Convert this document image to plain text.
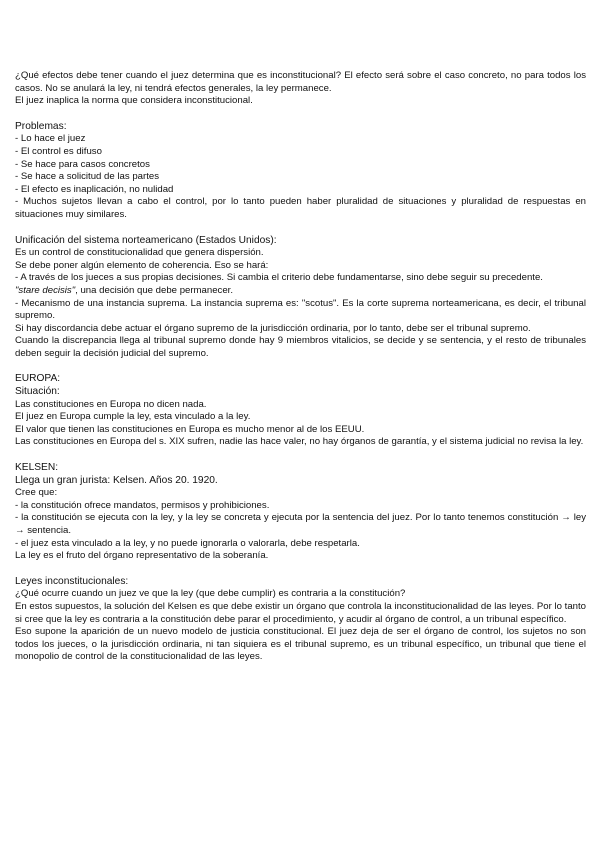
¿Qué efectos debe tener cuando el juez determina que es inconstitucional? El efecto será sobre el caso concreto, no para todos los casos. No se anulará la ley, ni tendrá efectos generales, la ley permanece.

El juez inaplica la norma que considera inconstitucional.

Problemas:

- Lo hace el juez

- El control es difuso

- Se hace para casos concretos

- Se hace a solicitud de las partes

- El efecto es inaplicación, no nulidad

- Muchos sujetos llevan a cabo el control, por lo tanto pueden haber pluralidad de situaciones y pluralidad de respuestas en situaciones muy similares.

Unificación del sistema norteamericano (Estados Unidos):

Es un control de constitucionalidad que genera dispersión.

Se debe poner algún elemento de coherencia. Eso se hará:

- A través de los jueces a sus propias decisiones. Si cambia el criterio debe fundamentarse, sino debe seguir su precedente.

"stare decisis", una decisión que debe permanecer.

- Mecanismo de una instancia suprema. La instancia suprema es: "scotus". Es la corte suprema norteamericana, es decir, el tribunal supremo.

Si hay discordancia debe actuar el órgano supremo de la jurisdicción ordinaria, por lo tanto, debe ser el tribunal supremo.

Cuando la discrepancia llega al tribunal supremo donde hay 9 miembros vitalicios, se decide y se sentencia, y el resto de tribunales deben seguir la decisión judicial del supremo.

EUROPA:

Situación:

Las constituciones en Europa no dicen nada.

El juez en Europa cumple la ley, esta vinculado a la ley.

El valor que tienen las constituciones en Europa es mucho menor al de los EEUU.

Las constituciones en Europa del s. XIX sufren, nadie las hace valer, no hay órganos de garantía, y el sistema judicial no revisa la ley.

KELSEN:

Llega un gran jurista: Kelsen. Años 20. 1920.

Cree que:

- la constitución ofrece mandatos, permisos y prohibiciones.

- la constitución se ejecuta con la ley, y la ley se concreta y ejecuta por la sentencia del juez. Por lo tanto tenemos constitución → ley → sentencia.

- el juez esta vinculado a la ley, y no puede ignorarla o valorarla, debe respetarla.

La ley es el fruto del órgano representativo de la soberanía.

Leyes inconstitucionales:

¿Qué ocurre cuando un juez ve que la ley (que debe cumplir) es contraria a la constitución?

En estos supuestos, la solución del Kelsen es que debe existir un órgano que controla la inconstitucionalidad de las leyes. Por lo tanto si cree que la ley es contraria a la constitución debe parar el procedimiento, y acudir al órgano de control, a un tribunal específico.

Eso supone la aparición de un nuevo modelo de justicia constitucional. El juez deja de ser el órgano de control, los sujetos no son todos los jueces, o la jurisdicción ordinaria, ni tan siquiera es el tribunal supremo, es un tribunal específico, un tribunal que tiene el monopolio de control de la constitucionalidad de las leyes.
